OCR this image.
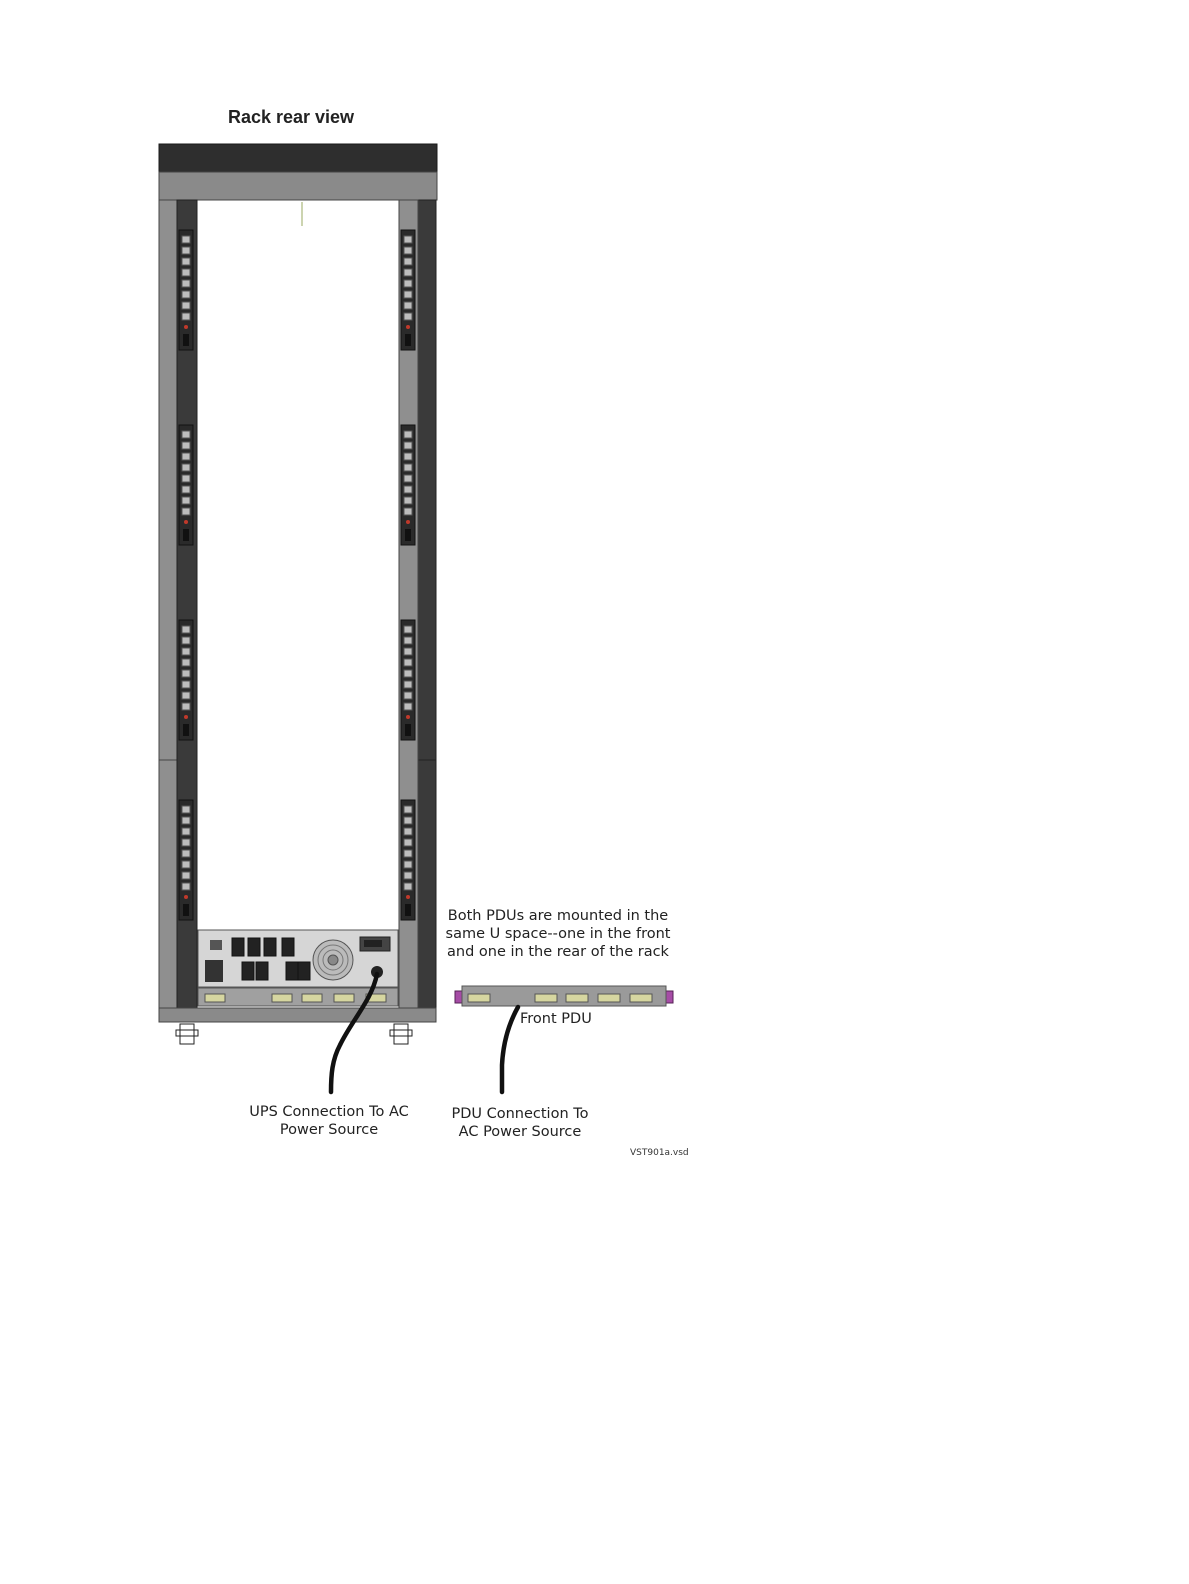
Rack rear view
Both PDUs are mounted in the
same U space--one in the front
and one in the rear of the rack
Front PDU
UPS Connection To AC
Power Source
PDU Connection To
AC Power Source
VST901a.vsd
